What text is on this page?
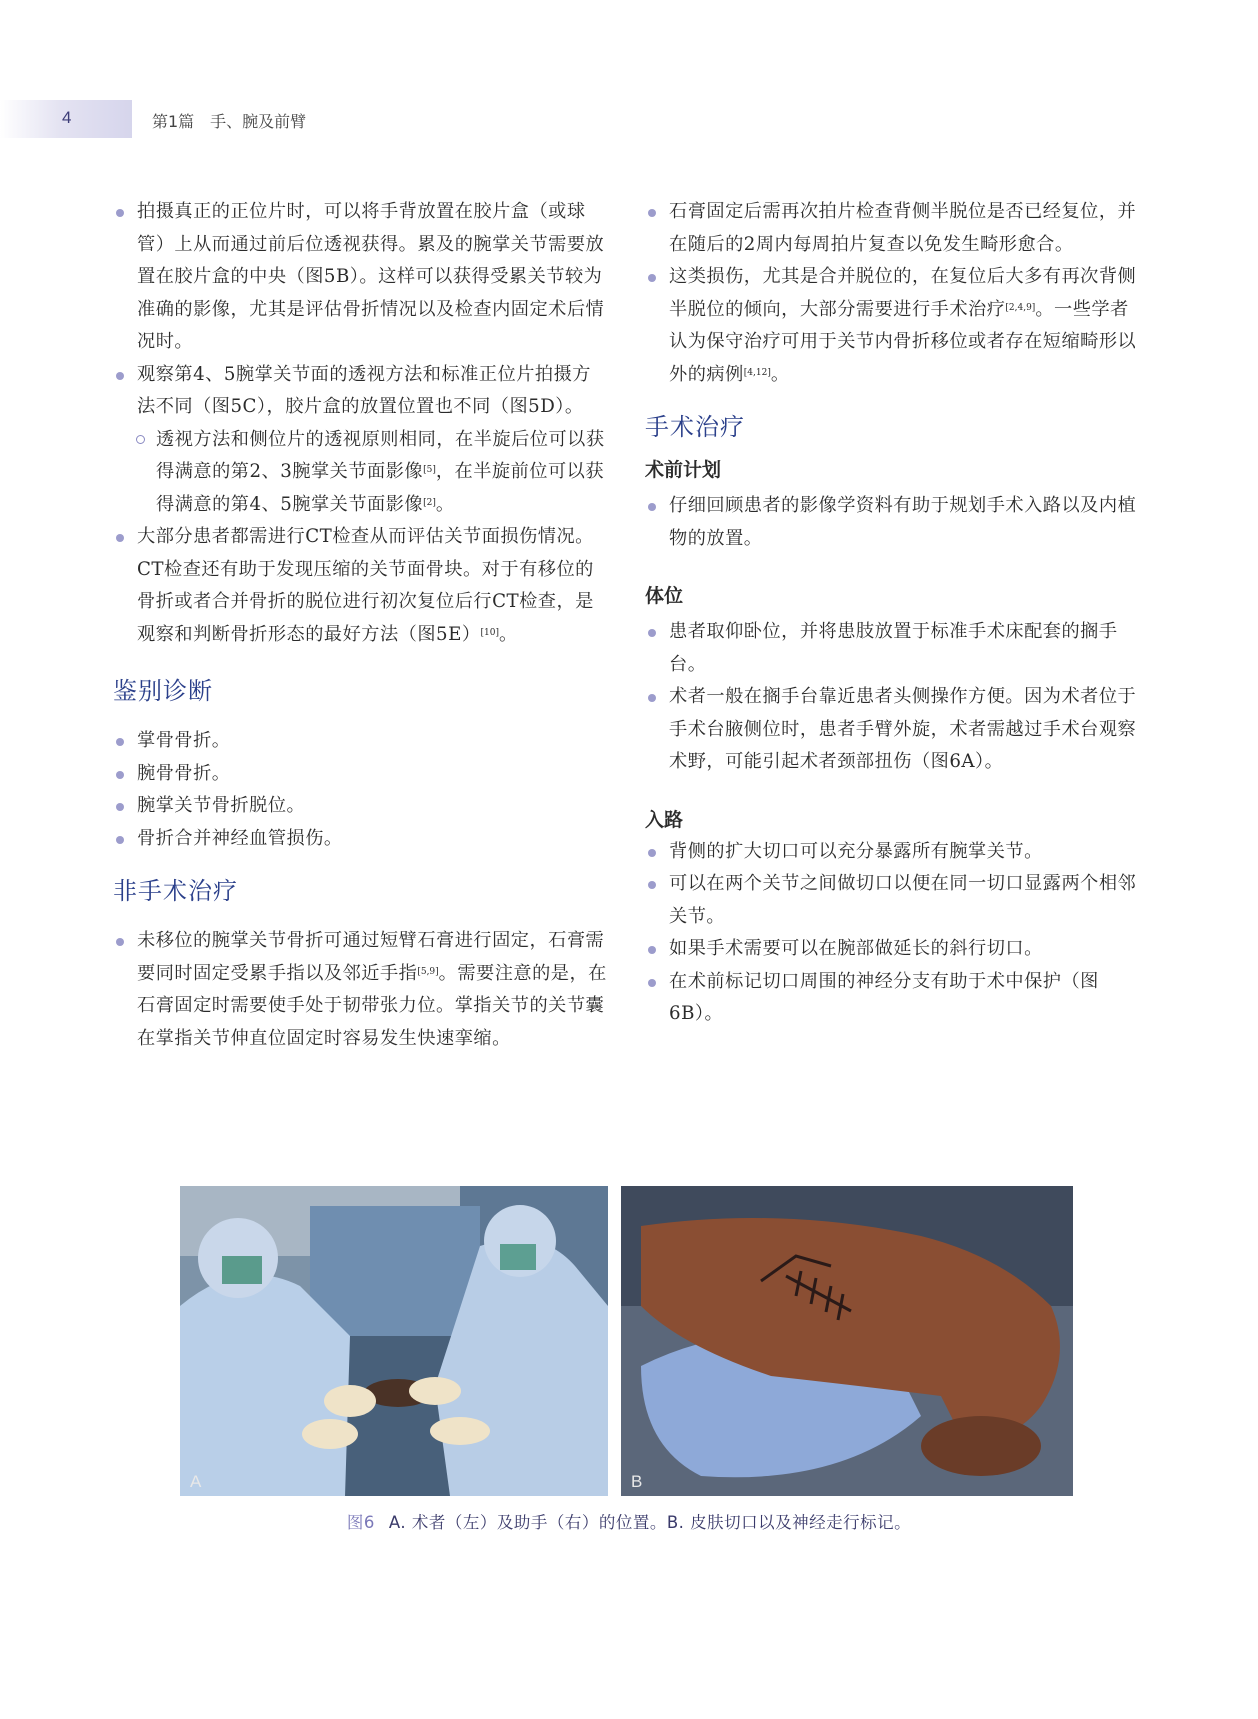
4	第1篇　手、腕及前臂
拍摄真正的正位片时，可以将手背放置在胶片盒（或球管）上从而通过前后位透视获得。累及的腕掌关节需要放置在胶片盒的中央（图5B）。这样可以获得受累关节较为准确的影像，尤其是评估骨折情况以及检查内固定术后情况时。
观察第4、5腕掌关节面的透视方法和标准正位片拍摄方法不同（图5C），胶片盒的放置位置也不同（图5D）。
透视方法和侧位片的透视原则相同，在半旋后位可以获得满意的第2、3腕掌关节面影像[5]，在半旋前位可以获得满意的第4、5腕掌关节面影像[2]。
大部分患者都需进行CT检查从而评估关节面损伤情况。CT检查还有助于发现压缩的关节面骨块。对于有移位的骨折或者合并骨折的脱位进行初次复位后行CT检查，是观察和判断骨折形态的最好方法（图5E）[10]。
鉴别诊断
掌骨骨折。
腕骨骨折。
腕掌关节骨折脱位。
骨折合并神经血管损伤。
非手术治疗
未移位的腕掌关节骨折可通过短臂石膏进行固定，石膏需要同时固定受累手指以及邻近手指[5,9]。需要注意的是，在石膏固定时需要使手处于韧带张力位。掌指关节的关节囊在掌指关节伸直位固定时容易发生快速挛缩。
石膏固定后需再次拍片检查背侧半脱位是否已经复位，并在随后的2周内每周拍片复查以免发生畸形愈合。
这类损伤，尤其是合并脱位的，在复位后大多有再次背侧半脱位的倾向，大部分需要进行手术治疗[2,4,9]。一些学者认为保守治疗可用于关节内骨折移位或者存在短缩畸形以外的病例[4,12]。
手术治疗
术前计划
仔细回顾患者的影像学资料有助于规划手术入路以及内植物的放置。
体位
患者取仰卧位，并将患肢放置于标准手术床配套的搁手台。
术者一般在搁手台靠近患者头侧操作方便。因为术者位于手术台腋侧位时，患者手臂外旋，术者需越过手术台观察术野，可能引起术者颈部扭伤（图6A）。
入路
背侧的扩大切口可以充分暴露所有腕掌关节。
可以在两个关节之间做切口以便在同一切口显露两个相邻关节。
如果手术需要可以在腕部做延长的斜行切口。
在术前标记切口周围的神经分支有助于术中保护（图6B）。
A	B
图6 A. 术者（左）及助手（右）的位置。B. 皮肤切口以及神经走行标记。
